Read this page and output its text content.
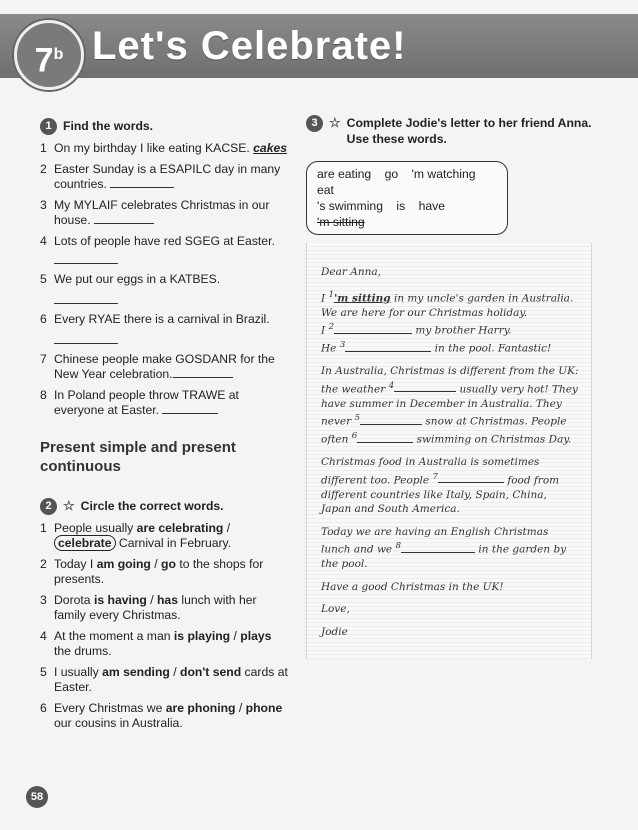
7$^b$ Let's Celebrate!
1 Find the words.
1 On my birthday I like eating KACSE. cakes
2 Easter Sunday is a ESAPILC day in many countries.
3 My MYLAIF celebrates Christmas in our house.
4 Lots of people have red SGEG at Easter.
5 We put our eggs in a KATBES.
6 Every RYAE there is a carnival in Brazil.
7 Chinese people make GOSDANR for the New Year celebration.
8 In Poland people throw TRAWE at everyone at Easter.
Present simple and present continuous
2 ☆ Circle the correct words.
1 People usually are celebrating / celebrate Carnival in February.
2 Today I am going / go to the shops for presents.
3 Dorota is having / has lunch with her family every Christmas.
4 At the moment a man is playing / plays the drums.
5 I usually am sending / don't send cards at Easter.
6 Every Christmas we are phoning / phone our cousins in Australia.
3 ☆ Complete Jodie's letter to her friend Anna. Use these words.
are eating go 'm watching eat
's swimming is have 'm sitting

Dear Anna,

I $^1$'m sitting in my uncle's garden in Australia. We are here for our Christmas holiday.
I $^2$	my brother Harry.
He $^3$	in the pool. Fantastic!

In Australia, Christmas is different from the UK: the weather $^4$	usually very hot! They have summer in December in Australia. They never $^5$	snow at Christmas. People often $^6$	swimming on Christmas Day.

Christmas food in Australia is sometimes different too. People $^7$	food from different countries like Italy, Spain, China, Japan and South America.

Today we are having an English Christmas lunch and we $^8$	in the garden by the pool.

Have a good Christmas in the UK!

Love,

Jodie

58
